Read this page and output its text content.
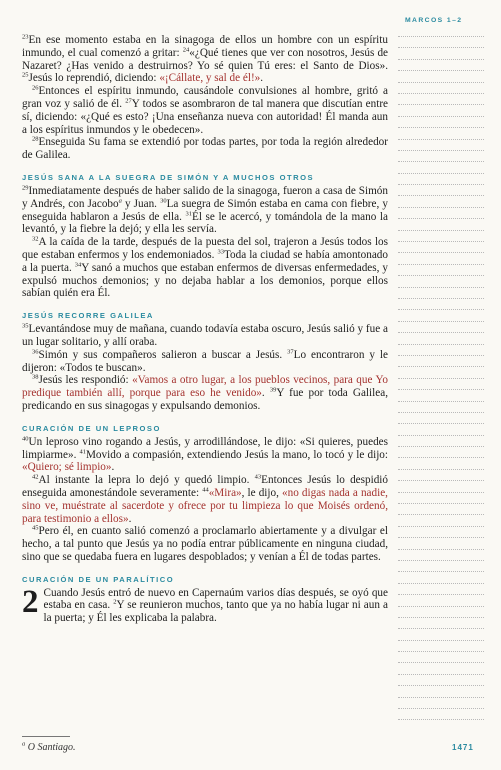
MARCOS 1–2

$^{23}$En ese momento estaba en la sinagoga de ellos un hombre con un espíritu inmundo, el cual comenzó a gritar: $^{24}$«¿Qué tienes que ver con nosotros, Jesús de Nazaret? ¿Has venido a destruirnos? Yo sé quien Tú eres: el Santo de Dios». $^{25}$Jesús lo reprendió, diciendo: «¡Cállate, y sal de él!».

$^{26}$Entonces el espíritu inmundo, causándole convulsiones al hombre, gritó a gran voz y salió de él. $^{27}$Y todos se asombraron de tal manera que discutían entre sí, diciendo: «¿Qué es esto? ¡Una enseñanza nueva con autoridad! Él manda aun a los espíritus inmundos y le obedecen».

$^{28}$Enseguida Su fama se extendió por todas partes, por toda la región alrededor de Galilea.

JESÚS SANA A LA SUEGRA DE SIMÓN Y A MUCHOS OTROS

$^{29}$Inmediatamente después de haber salido de la sinagoga, fueron a casa de Simón y Andrés, con Jacobo$^a$ y Juan. $^{30}$La suegra de Simón estaba en cama con fiebre, y enseguida hablaron a Jesús de ella. $^{31}$Él se le acercó, y tomándola de la mano la levantó, y la fiebre la dejó; y ella les servía.

$^{32}$A la caída de la tarde, después de la puesta del sol, trajeron a Jesús todos los que estaban enfermos y los endemoniados. $^{33}$Toda la ciudad se había amontonado a la puerta. $^{34}$Y sanó a muchos que estaban enfermos de diversas enfermedades, y expulsó muchos demonios; y no dejaba hablar a los demonios, porque ellos sabían quién era Él.

JESÚS RECORRE GALILEA

$^{35}$Levantándose muy de mañana, cuando todavía estaba oscuro, Jesús salió y fue a un lugar solitario, y allí oraba.

$^{36}$Simón y sus compañeros salieron a buscar a Jesús. $^{37}$Lo encontraron y le dijeron: «Todos te buscan».

$^{38}$Jesús les respondió: «Vamos a otro lugar, a los pueblos vecinos, para que Yo predique también allí, porque para eso he venido». $^{39}$Y fue por toda Galilea, predicando en sus sinagogas y expulsando demonios.

CURACIÓN DE UN LEPROSO

$^{40}$Un leproso vino rogando a Jesús, y arrodillándose, le dijo: «Si quieres, puedes limpiarme». $^{41}$Movido a compasión, extendiendo Jesús la mano, lo tocó y le dijo: «Quiero; sé limpio».

$^{42}$Al instante la lepra lo dejó y quedó limpio. $^{43}$Entonces Jesús lo despidió enseguida amonestándole severamente: $^{44}$«Mira», le dijo, «no digas nada a nadie, sino ve, muéstrate al sacerdote y ofrece por tu limpieza lo que Moisés ordenó, para testimonio a ellos».

$^{45}$Pero él, en cuanto salió comenzó a proclamarlo abiertamente y a divulgar el hecho, a tal punto que Jesús ya no podía entrar públicamente en ninguna ciudad, sino que se quedaba fuera en lugares despoblados; y venían a Él de todas partes.

CURACIÓN DE UN PARALÍTICO

2 Cuando Jesús entró de nuevo en Capernaúm varios días después, se oyó que estaba en casa. $^2$Y se reunieron muchos, tanto que ya no había lugar ni aun a la puerta; y Él les explicaba la palabra.

$^a$ O Santiago.	1471
